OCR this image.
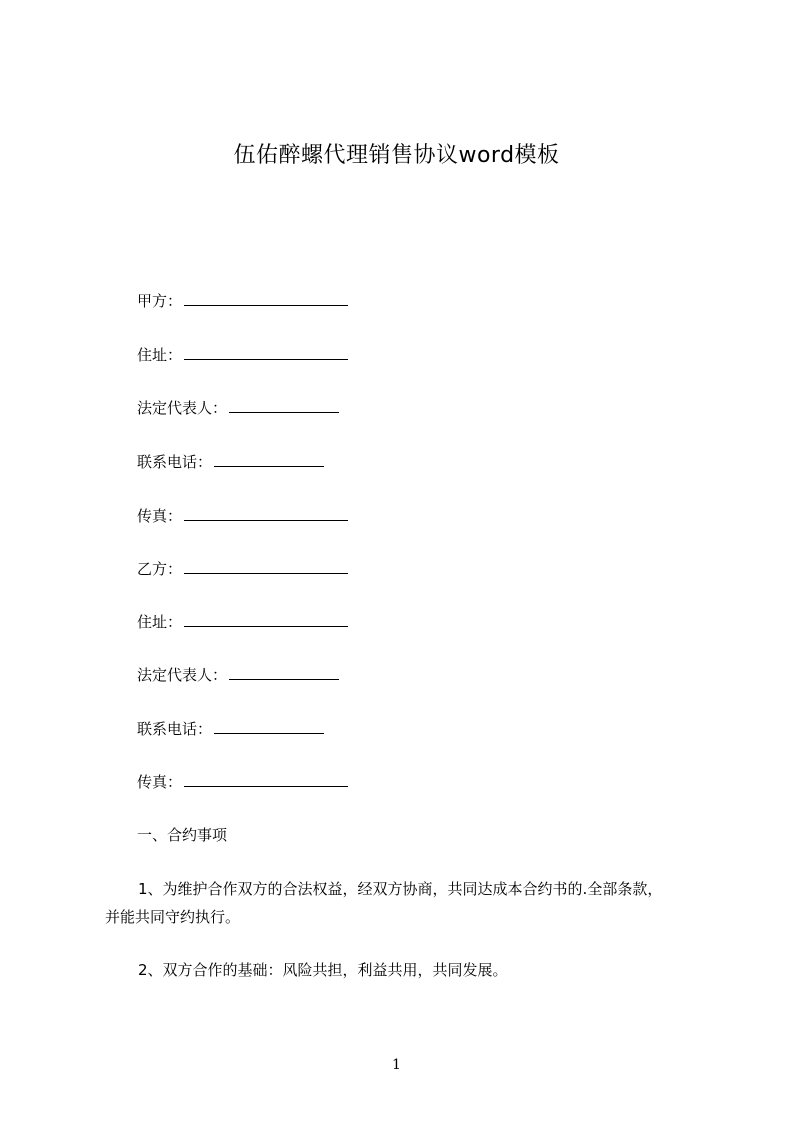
伍佑醉螺代理销售协议word模板
甲方：
住址：
法定代表人：
联系电话：
传真：
乙方：
住址：
法定代表人：
联系电话：
传真：
一、合约事项
1、为维护合作双方的合法权益，经双方协商，共同达成本合约书的.全部条款，
并能共同守约执行。
2、双方合作的基础：风险共担，利益共用，共同发展。
1
